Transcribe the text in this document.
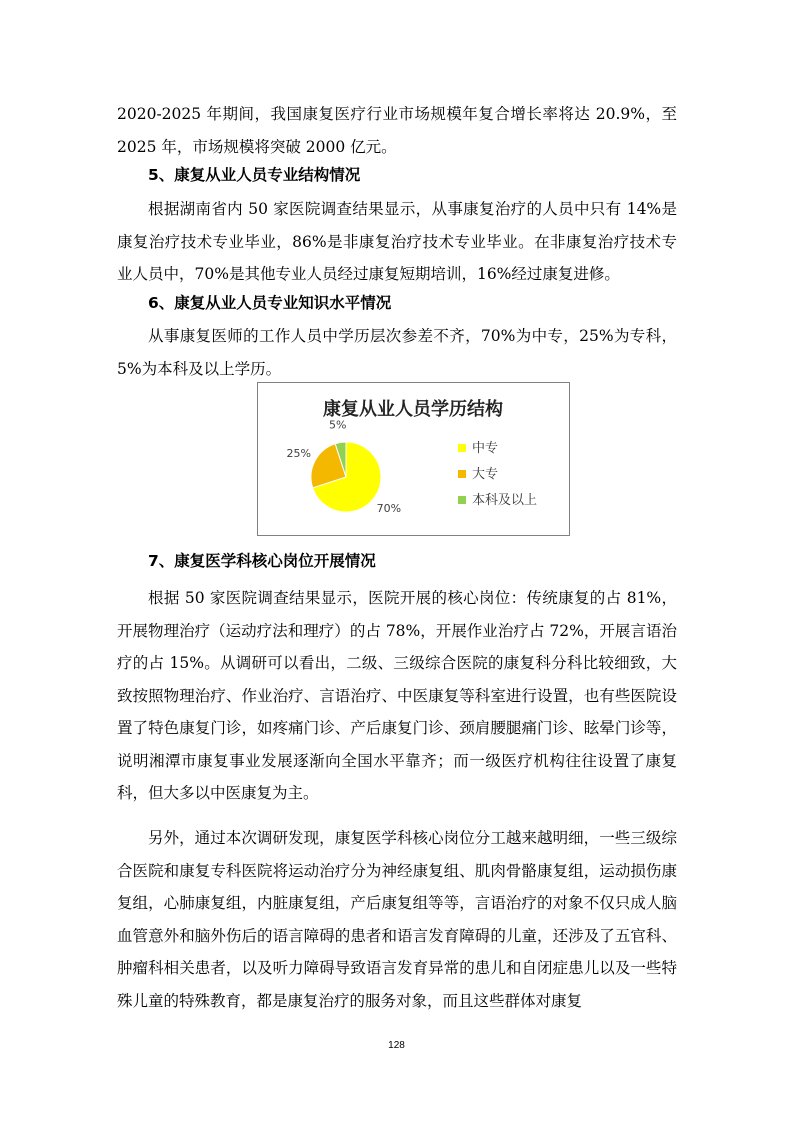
2020-2025 年期间，我国康复医疗行业市场规模年复合增长率将达 20.9%，至 2025 年，市场规模将突破 2000 亿元。

5、康复从业人员专业结构情况

根据湖南省内 50 家医院调查结果显示，从事康复治疗的人员中只有 14%是康复治疗技术专业毕业，86%是非康复治疗技术专业毕业。在非康复治疗技术专业人员中，70%是其他专业人员经过康复短期培训，16%经过康复进修。

6、康复从业人员专业知识水平情况

从事康复医师的工作人员中学历层次参差不齐，70%为中专，25%为专科，5%为本科及以上学历。

康复从业人员学历结构
70%
25%
5%
中专
大专
本科及以上

7、康复医学科核心岗位开展情况

根据 50 家医院调查结果显示，医院开展的核心岗位：传统康复的占 81%，开展物理治疗（运动疗法和理疗）的占 78%，开展作业治疗占 72%，开展言语治疗的占 15%。从调研可以看出，二级、三级综合医院的康复科分科比较细致，大致按照物理治疗、作业治疗、言语治疗、中医康复等科室进行设置，也有些医院设置了特色康复门诊，如疼痛门诊、产后康复门诊、颈肩腰腿痛门诊、眩晕门诊等，说明湘潭市康复事业发展逐渐向全国水平靠齐；而一级医疗机构往往设置了康复科，但大多以中医康复为主。

另外，通过本次调研发现，康复医学科核心岗位分工越来越明细，一些三级综合医院和康复专科医院将运动治疗分为神经康复组、肌肉骨骼康复组，运动损伤康复组，心肺康复组，内脏康复组，产后康复组等等，言语治疗的对象不仅只成人脑血管意外和脑外伤后的语言障碍的患者和语言发育障碍的儿童，还涉及了五官科、肿瘤科相关患者，以及听力障碍导致语言发育异常的患儿和自闭症患儿以及一些特殊儿童的特殊教育，都是康复治疗的服务对象，而且这些群体对康复

128
